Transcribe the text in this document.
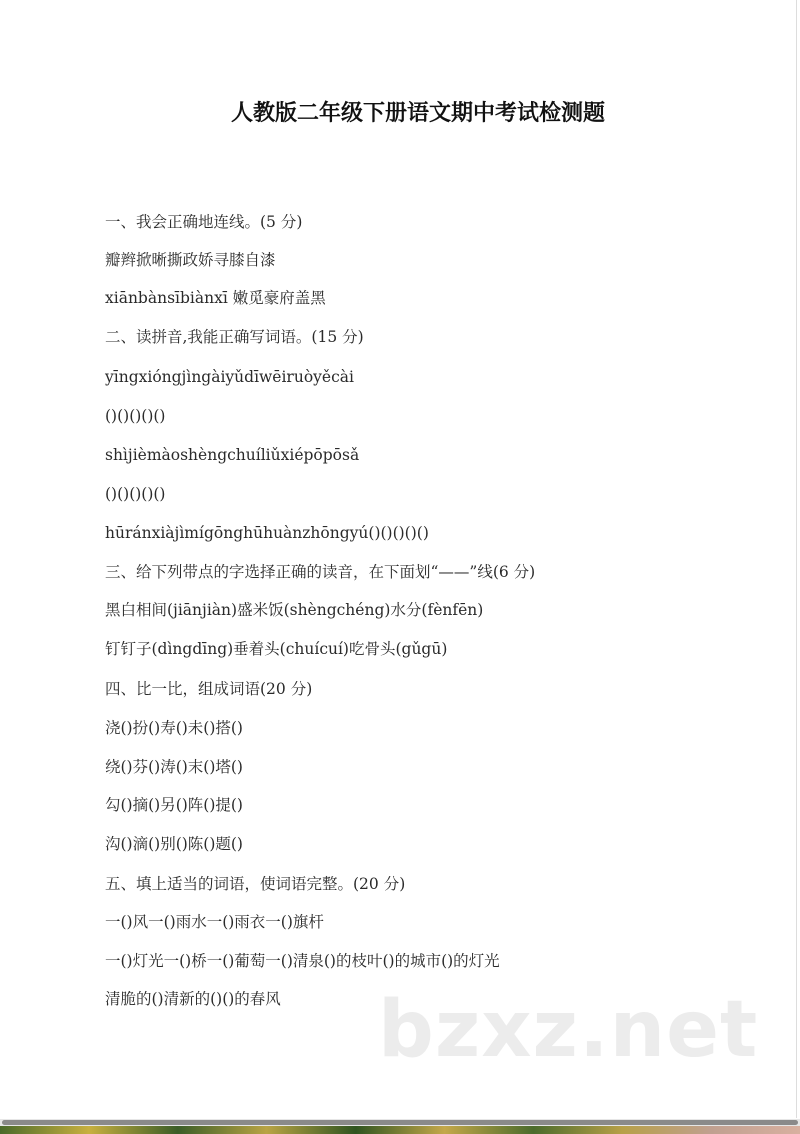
人教版二年级下册语文期中考试检测题
一、我会正确地连线。(5 分)
瓣辫掀晰撕政娇寻膝自漆
xiānbànsībiànxī 嫩觅豪府盖黑
二、读拼音,我能正确写词语。(15 分)
yīngxióngjìngàiyǔdīwēiruòyěcài
()()()()()
shìjièmàoshèngchuíliǔxiépōpōsǎ
()()()()()
hūránxiàjìmígōnghūhuànzhōngyú()()()()()
三、给下列带点的字选择正确的读音，在下面划“——”线(6 分)
黑白相间(jiānjiàn)盛米饭(shèngchéng)水分(fènfēn)
钉钉子(dìngdīng)垂着头(chuícuí)吃骨头(gǔgū)
四、比一比，组成词语(20 分)
浇()扮()寿()未()搭()
绕()芬()涛()末()塔()
勾()摘()另()阵()提()
沟()滴()别()陈()题()
五、填上适当的词语，使词语完整。(20 分)
一()风一()雨水一()雨衣一()旗杆
一()灯光一()桥一()葡萄一()清泉()的枝叶()的城市()的灯光
清脆的()清新的()()的春风 bzxz.net
